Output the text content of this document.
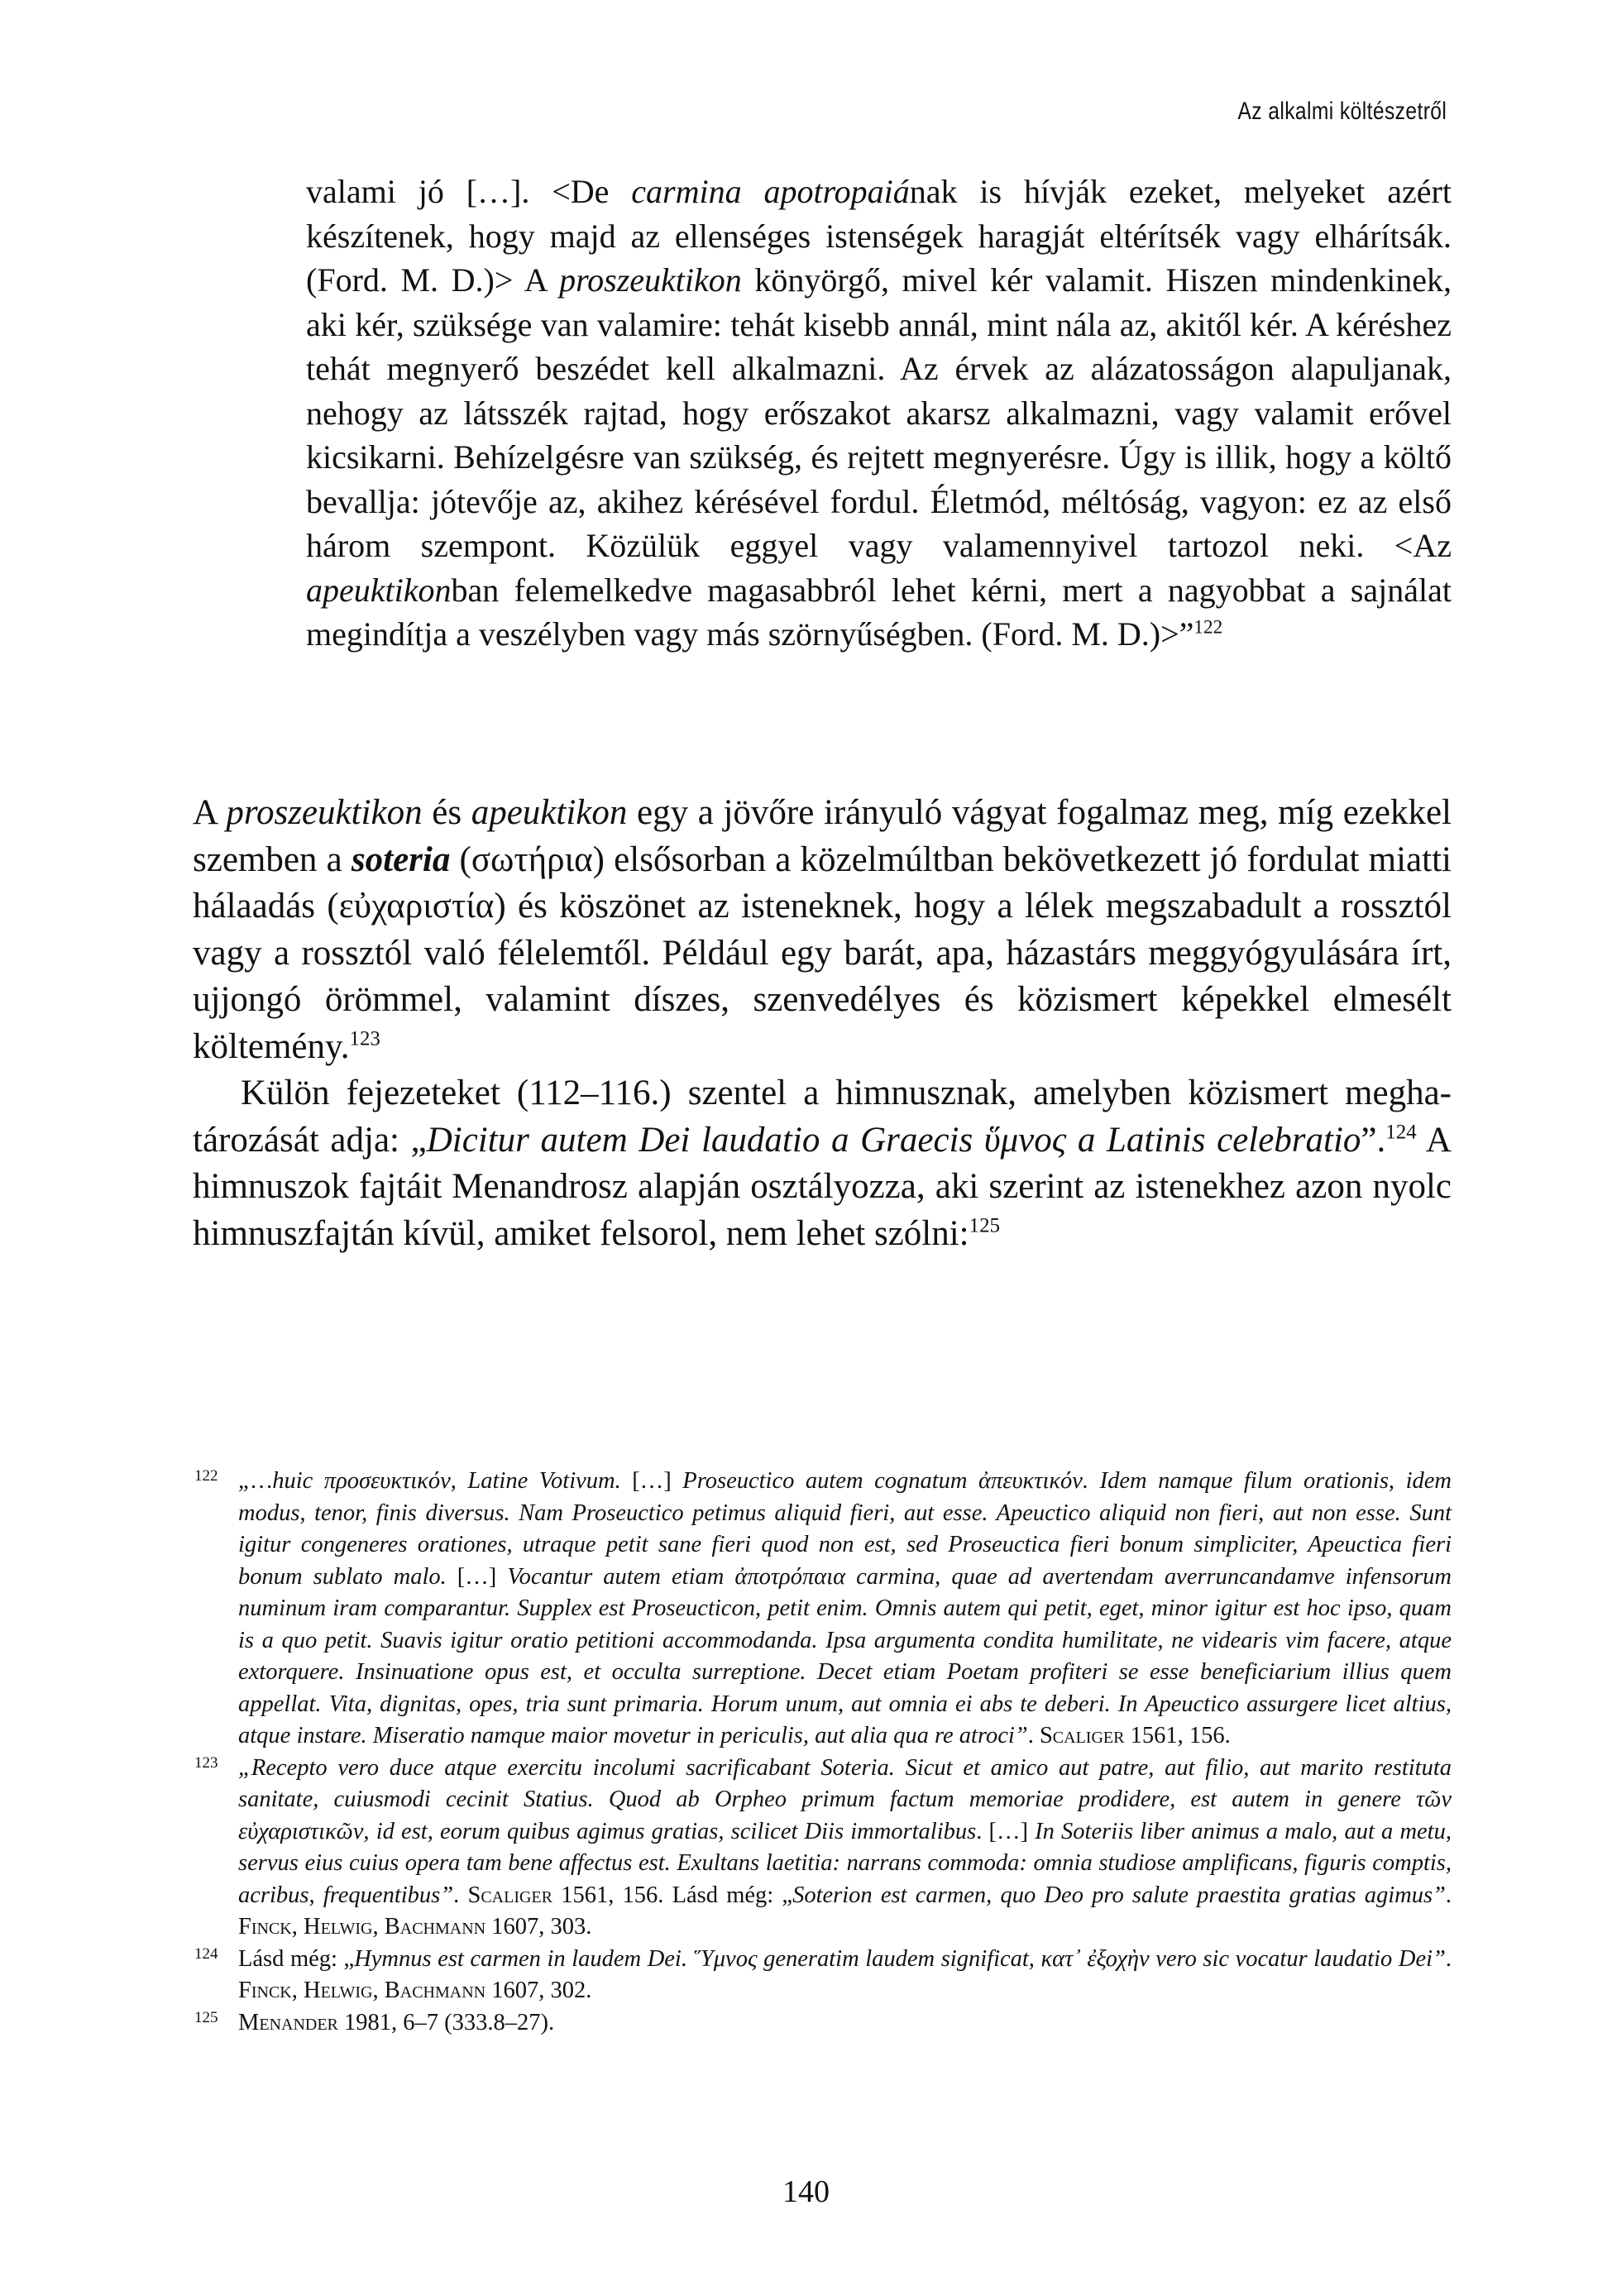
Az alkalmi költészetről
valami jó […]. <De carmina apotropaiának is hívják ezeket, melyeket azért készítenek, hogy majd az ellenséges istenségek haragját eltérítsék vagy elhárítsák. (Ford. M. D.)> A proszeuktikon könyörgő, mivel kér valamit. Hiszen mindenkinek, aki kér, szüksége van valamire: tehát kisebb annál, mint nála az, akitől kér. A kéréshez tehát megnyerő beszédet kell alkalmazni. Az érvek az alázatosságon alapuljanak, nehogy az látsszék rajtad, hogy erőszakot akarsz alkalmazni, vagy valamit erővel kicsikarni. Behízelgésre van szükség, és rejtett megnyerésre. Úgy is illik, hogy a költő bevallja: jótevője az, akihez kérésével fordul. Életmód, méltóság, vagyon: ez az első három szempont. Közülük eggyel vagy valamennyivel tartozol neki. <Az apeuktikonban felemelkedve magasabbról lehet kérni, mert a nagyobbat a sajnálat megindítja a veszélyben vagy más szörnyűségben. (Ford. M. D.)>”$^{122}$

A proszeuktikon és apeuktikon egy a jövőre irányuló vágyat fogalmaz meg, míg ezekkel szemben a soteria (σωτήρια) elsősorban a közelmúltban bekövetkezett jó fordulat miatti hálaadás (εὐχαριστία) és köszönet az isteneknek, hogy a lélek megszabadult a rossztól vagy a rossztól való félelemtől. Például egy barát, apa, házastárs meggyógyulására írt, ujjongó örömmel, valamint díszes, szenvedélyes és közismert képekkel elmesélt költemény.$^{123}$

Külön fejezeteket (112–116.) szentel a himnusznak, amelyben közismert meghatározását adja: „Dicitur autem Dei laudatio a Graecis ὕμνος a Latinis celebratio”.$^{124}$ A himnuszok fajtáit Menandrosz alapján osztályozza, aki szerint az istenekhez azon nyolc himnuszfajtán kívül, amiket felsorol, nem lehet szólni:$^{125}$

122 „…huic προσευκτικόν, Latine Votivum. […] Proseuctico autem cognatum ἀπευκτικόν. Idem namque filum orationis, idem modus, tenor, finis diversus. Nam Proseuctico petimus aliquid fieri, aut esse. Apeuctico aliquid non fieri, aut non esse. Sunt igitur congeneres orationes, utraque petit sane fieri quod non est, sed Proseuctica fieri bonum simpliciter, Apeuctica fieri bonum sublato malo. […] Vocantur autem etiam ἀποτρόπαια carmina, quae ad avertendam averruncandamve infensorum numinum iram comparantur. Supplex est Proseucticon, petit enim. Omnis autem qui petit, eget, minor igitur est hoc ipso, quam is a quo petit. Suavis igitur oratio petitioni accommodanda. Ipsa argumenta condita humilitate, ne videaris vim facere, atque extorquere. Insinuatione opus est, et occulta surreptione. Decet etiam Poetam profiteri se esse beneficiarium illius quem appellat. Vita, dignitas, opes, tria sunt primaria. Horum unum, aut omnia ei abs te deberi. In Apeuctico assurgere licet altius, atque instare. Miseratio namque maior movetur in periculis, aut alia qua re atroci”. Scaliger 1561, 156.

123 „Recepto vero duce atque exercitu incolumi sacrificabant Soteria. Sicut et amico aut patre, aut filio, aut marito restituta sanitate, cuiusmodi cecinit Statius. Quod ab Orpheo primum factum memoriae prodidere, est autem in genere τῶν εὐχαριστικῶν, id est, eorum quibus agimus gratias, scilicet Diis immortalibus. […] In Soteriis liber animus a malo, aut a metu, servus eius cuius opera tam bene affectus est. Exultans laetitia: narrans commoda: omnia studiose amplificans, figuris comptis, acribus, frequentibus”. Scaliger 1561, 156. Lásd még: „Soterion est carmen, quo Deo pro salute praestita gratias agimus”. Finck, Helwig, Bachmann 1607, 303.

124 Lásd még: „Hymnus est carmen in laudem Dei. Ὕμνος generatim laudem significat, κατ᾽ ἐξοχὴν vero sic vocatur laudatio Dei”. Finck, Helwig, Bachmann 1607, 302.

125 Menander 1981, 6–7 (333.8–27).

140
